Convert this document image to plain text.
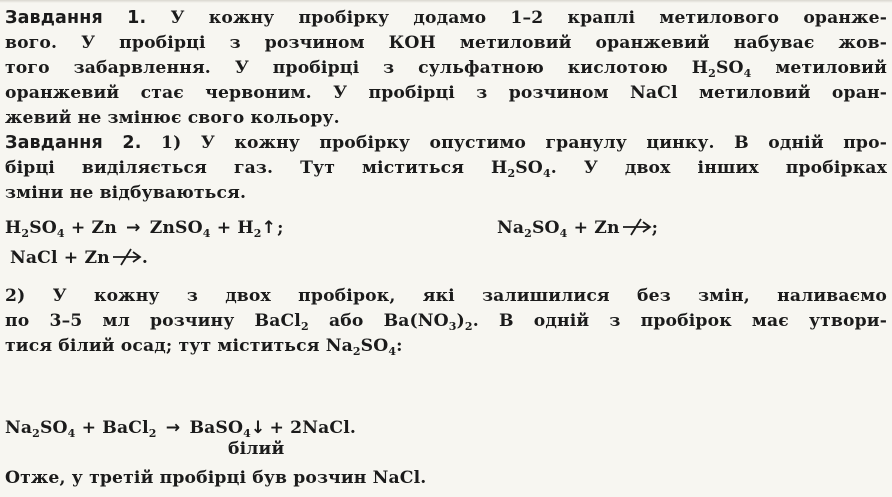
Завдання 1. У кожну пробірку додамо 1–2 краплі метилового оранже-
вого. У пробірці з розчином КОН метиловий оранжевий набуває жов-
того забарвлення. У пробірці з сульфатною кислотою $H_2SO_4$ метиловий
оранжевий стає червоним. У пробірці з розчином NaCl метиловий оран-
жевий не змінює свого кольору.
Завдання 2. 1) У кожну пробірку опустимо гранулу цинку. В одній про-
бірці виділяється газ. Тут міститься $H_2SO_4$. У двох інших пробірках
зміни не відбуваються.
$H_2SO_4 + Zn$ → ZnSO$_4$ + $H_2↑$;	$Na_2SO_4 + Zn$ ;
NaCl + Zn .
2) У кожну з двох пробірок, які залишилися без змін, наливаємо
по 3–5 мл розчину BaCl$_2$ або $Ba(NO_3)_2$. В одній з пробірок має утвори-
тися білий осад; тут міститься $Na_2SO_4$:
$Na_2SO_4$ + BaCl$_2$ → BaSO$_4$↓ + 2NaCl.
білий
Отже, у третій пробірці був розчин NaCl.
